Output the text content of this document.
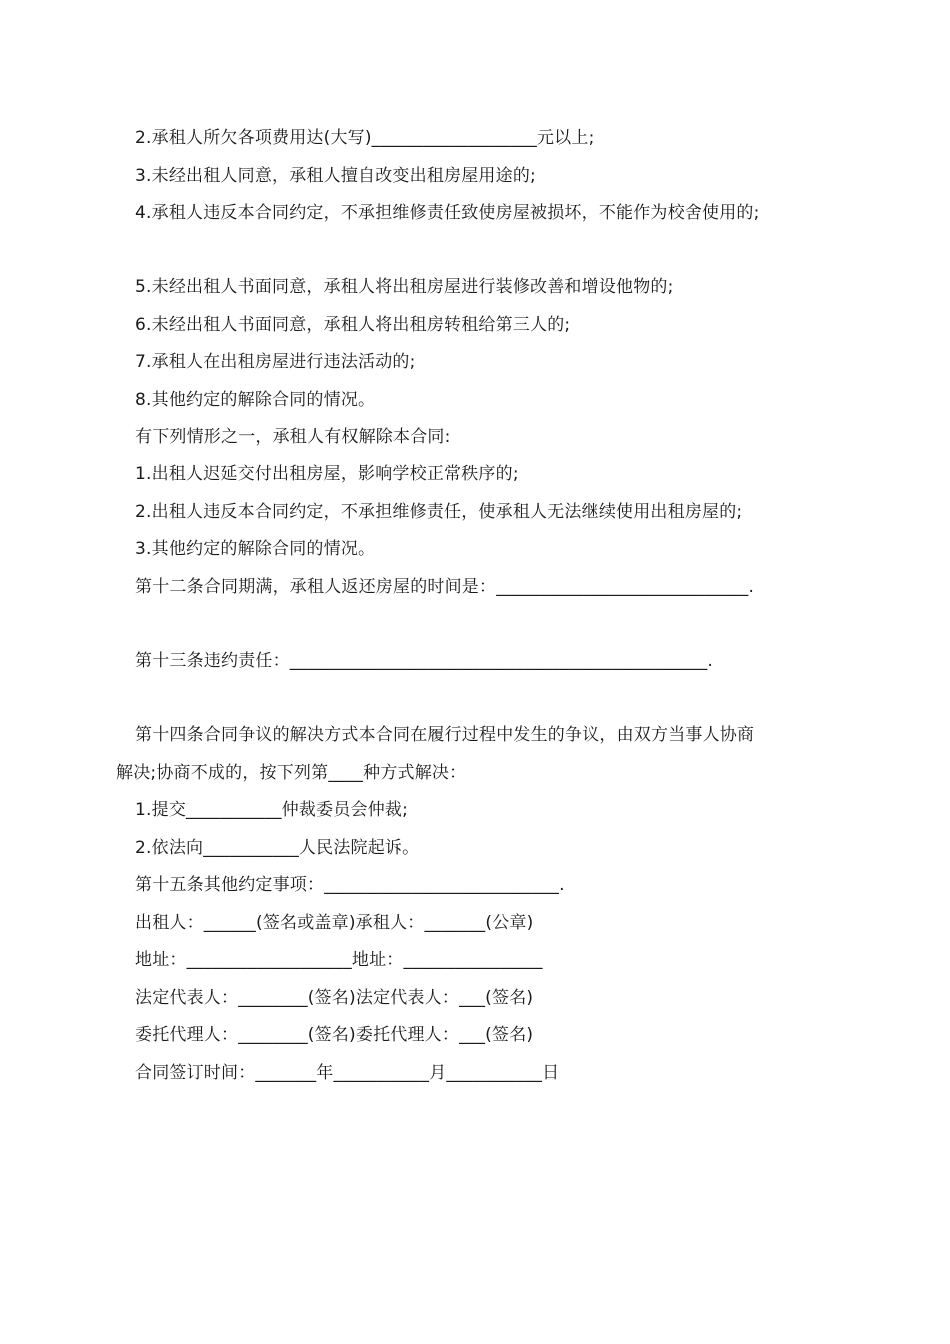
2.承租人所欠各项费用达(大写)___________________元以上;
3.未经出租人同意，承租人擅自改变出租房屋用途的;
4.承租人违反本合同约定，不承担维修责任致使房屋被损坏，不能作为校舍使用的;
5.未经出租人书面同意，承租人将出租房屋进行装修改善和增设他物的;
6.未经出租人书面同意，承租人将出租房转租给第三人的;
7.承租人在出租房屋进行违法活动的;
8.其他约定的解除合同的情况。
有下列情形之一，承租人有权解除本合同:
1.出租人迟延交付出租房屋，影响学校正常秩序的;
2.出租人违反本合同约定，不承担维修责任，使承租人无法继续使用出租房屋的;
3.其他约定的解除合同的情况。
第十二条合同期满，承租人返还房屋的时间是：_____________________________.
第十三条违约责任：________________________________________________.
第十四条合同争议的解决方式本合同在履行过程中发生的争议，由双方当事人协商
解决;协商不成的，按下列第____种方式解决：
1.提交___________仲裁委员会仲裁;
2.依法向___________人民法院起诉。
第十五条其他约定事项：___________________________.
出租人：______(签名或盖章)承租人：_______(公章)
地址：___________________地址：________________
法定代表人：________(签名)法定代表人：___(签名)
委托代理人：________(签名)委托代理人：___(签名)
合同签订时间：_______年___________月___________日
